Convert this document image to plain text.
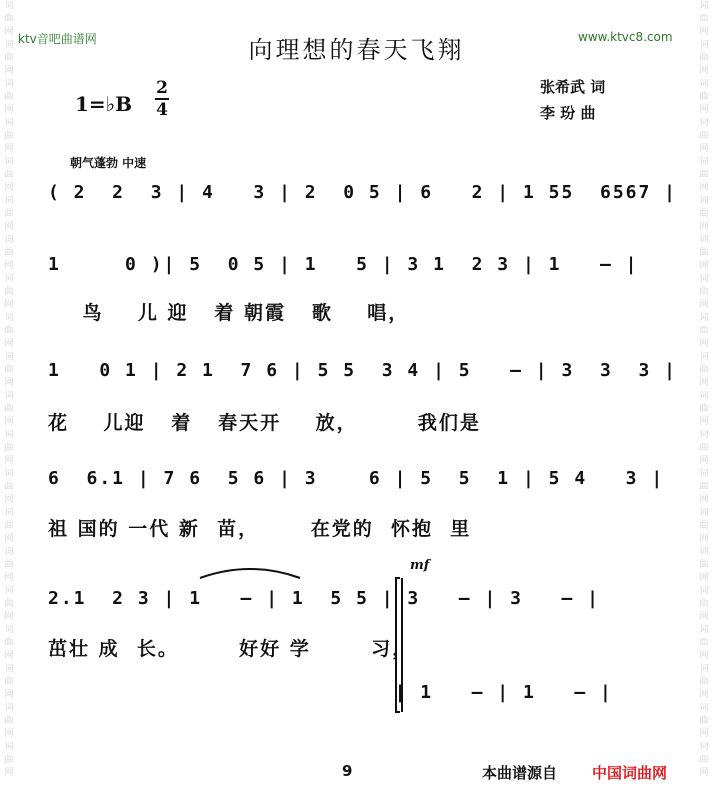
ktv音吧曲谱网	www.ktvc8.com
词
曲
网
词
曲
网
词
曲
网
词
曲
网
词
曲
网
词
曲
网
词
曲
网
词
曲
网
词
曲
网
词
曲
网
词
曲
网
词
曲
网
词
曲
网
词
曲
网
词
曲
网
词
曲
网
词
曲
网
词
曲
网
词
曲
网
词
曲
网
词
曲
网
词
曲
网
词
曲
网
词
曲
网
词
曲
网
词
曲
网
词
曲
网
词
曲
网
词
曲
网
词
曲
网
词
曲
网
词
曲
网
词
曲
网
词
曲
网
词
曲
网
词
曲
网
词
曲
网
词
曲
网
词
曲
网
词
曲
网
向理想的春天飞翔
张希武 词
李 玢 曲
1=♭B
2
4
朝气蓬勃 中速
mf
( 2  2  3 | 4   3 | 2  0 5 | 6   2 | 1 55  6567 |
1     0 )| 5  0 5 | 1   5 | 3 1  2 3 | 1   — |
鸟    儿 迎   着 朝霞   歌    唱，
1   0 1 | 2 1  7 6 | 5 5  3 4 | 5   — | 3  3  3 |
花    儿迎   着   春天开    放，       我们是
6  6.1 | 7 6  5 6 | 3    6 | 5  5  1 | 5 4   3 |
祖 国的 一代 新  苗，      在党的  怀抱  里
2.1  2 3 | 1   — | 1  5 5 | 3   — | 3   — |
茁壮 成  长。       好好 学       习，
| 1   — | 1   — |
9	本曲谱源自 中国词曲网
